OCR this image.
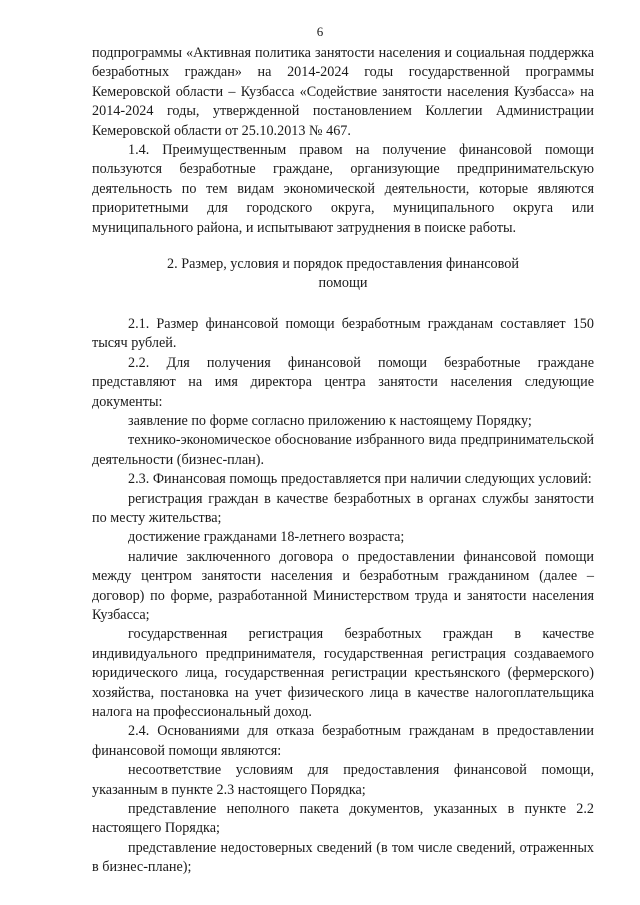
6

подпрограммы «Активная политика занятости населения и социальная поддержка безработных граждан» на 2014-2024 годы государственной программы Кемеровской области – Кузбасса «Содействие занятости населения Кузбасса» на 2014-2024 годы, утвержденной постановлением Коллегии Администрации Кемеровской области от 25.10.2013 № 467.

1.4. Преимущественным правом на получение финансовой помощи пользуются безработные граждане, организующие предпринимательскую деятельность по тем видам экономической деятельности, которые являются приоритетными для городского округа, муниципального округа или муниципального района, и испытывают затруднения в поиске работы.

2. Размер, условия и порядок предоставления финансовой
помощи

2.1. Размер финансовой помощи безработным гражданам составляет 150 тысяч рублей.

2.2. Для получения финансовой помощи безработные граждане представляют на имя директора центра занятости населения следующие документы:

заявление по форме согласно приложению к настоящему Порядку;

технико-экономическое обоснование избранного вида предпринимательской деятельности (бизнес-план).

2.3. Финансовая помощь предоставляется при наличии следующих условий:

регистрация граждан в качестве безработных в органах службы занятости по месту жительства;

достижение гражданами 18-летнего возраста;

наличие заключенного договора о предоставлении финансовой помощи между центром занятости населения и безработным гражданином (далее – договор) по форме, разработанной Министерством труда и занятости населения Кузбасса;

государственная регистрация безработных граждан в качестве индивидуального предпринимателя, государственная регистрация создаваемого юридического лица, государственная регистрации крестьянского (фермерского) хозяйства, постановка на учет физического лица в качестве налогоплательщика налога на профессиональный доход.

2.4. Основаниями для отказа безработным гражданам в предоставлении финансовой помощи являются:

несоответствие условиям для предоставления финансовой помощи, указанным в пункте 2.3 настоящего Порядка;

представление неполного пакета документов, указанных в пункте 2.2 настоящего Порядка;

представление недостоверных сведений (в том числе сведений, отраженных в бизнес-плане);
